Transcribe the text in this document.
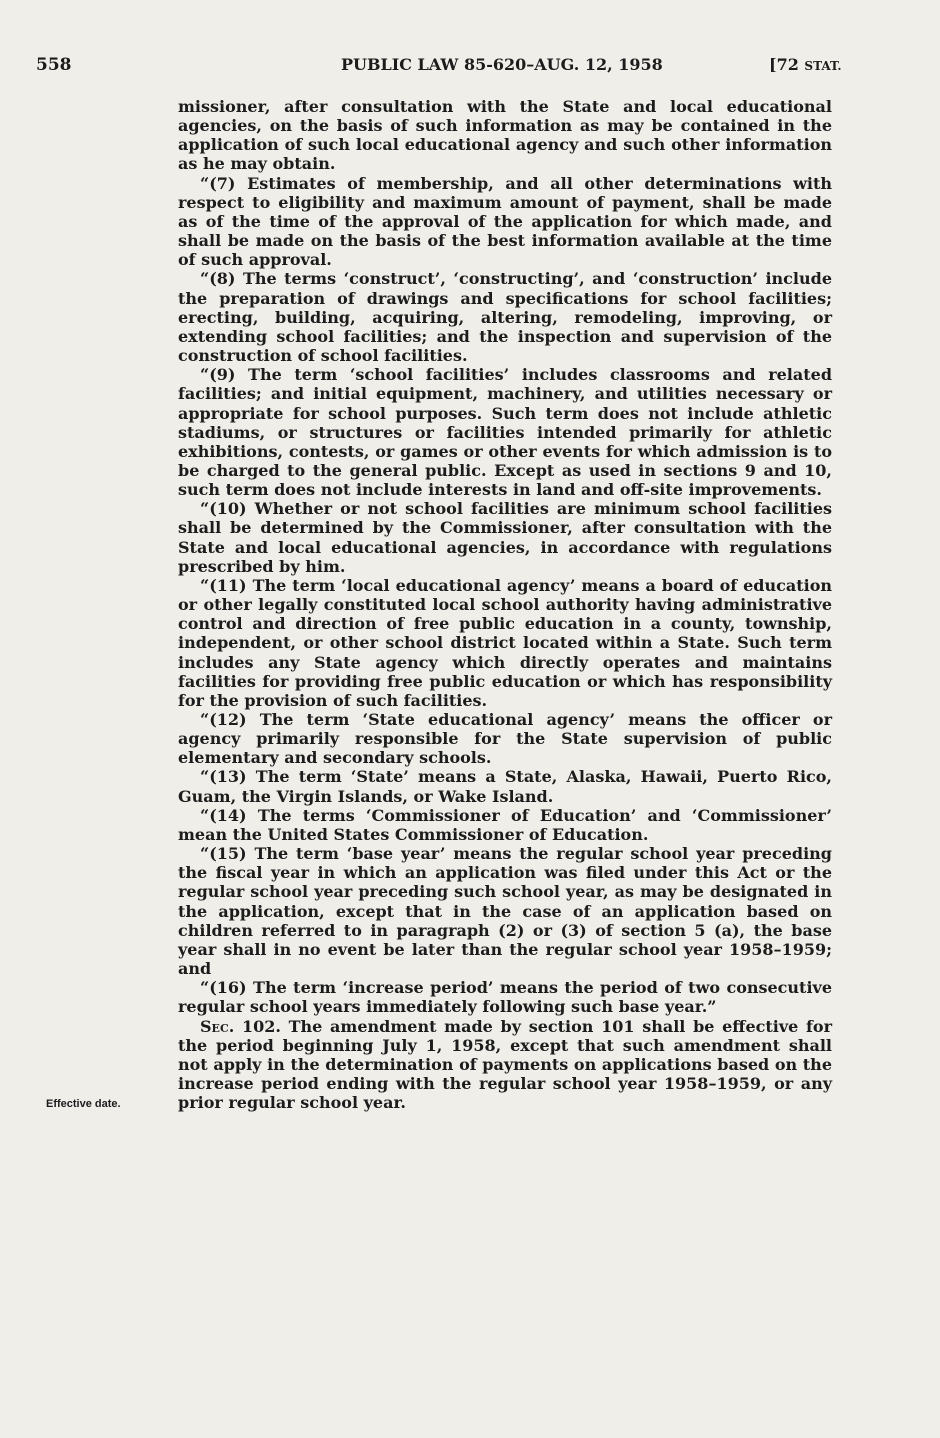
558	PUBLIC LAW 85-620–AUG. 12, 1958	[72 STAT.
Effective date.

missioner, after consultation with the State and local educational agencies, on the basis of such information as may be contained in the application of such local educational agency and such other information as he may obtain.

“(7) Estimates of membership, and all other determinations with respect to eligibility and maximum amount of payment, shall be made as of the time of the approval of the application for which made, and shall be made on the basis of the best information available at the time of such approval.

“(8) The terms ‘construct’, ‘constructing’, and ‘construction’ include the preparation of drawings and specifications for school facilities; erecting, building, acquiring, altering, remodeling, improving, or extending school facilities; and the inspection and supervision of the construction of school facilities.

“(9) The term ‘school facilities’ includes classrooms and related facilities; and initial equipment, machinery, and utilities necessary or appropriate for school purposes. Such term does not include athletic stadiums, or structures or facilities intended primarily for athletic exhibitions, contests, or games or other events for which admission is to be charged to the general public. Except as used in sections 9 and 10, such term does not include interests in land and off-site improvements.

“(10) Whether or not school facilities are minimum school facilities shall be determined by the Commissioner, after consultation with the State and local educational agencies, in accordance with regulations prescribed by him.

“(11) The term ‘local educational agency’ means a board of education or other legally constituted local school authority having administrative control and direction of free public education in a county, township, independent, or other school district located within a State. Such term includes any State agency which directly operates and maintains facilities for providing free public education or which has responsibility for the provision of such facilities.

“(12) The term ‘State educational agency’ means the officer or agency primarily responsible for the State supervision of public elementary and secondary schools.

“(13) The term ‘State’ means a State, Alaska, Hawaii, Puerto Rico, Guam, the Virgin Islands, or Wake Island.

“(14) The terms ‘Commissioner of Education’ and ‘Commissioner’ mean the United States Commissioner of Education.

“(15) The term ‘base year’ means the regular school year preceding the fiscal year in which an application was filed under this Act or the regular school year preceding such school year, as may be designated in the application, except that in the case of an application based on children referred to in paragraph (2) or (3) of section 5 (a), the base year shall in no event be later than the regular school year 1958–1959; and

“(16) The term ‘increase period’ means the period of two consecutive regular school years immediately following such base year.”

Sec. 102. The amendment made by section 101 shall be effective for the period beginning July 1, 1958, except that such amendment shall not apply in the determination of payments on applications based on the increase period ending with the regular school year 1958–1959, or any prior regular school year.
